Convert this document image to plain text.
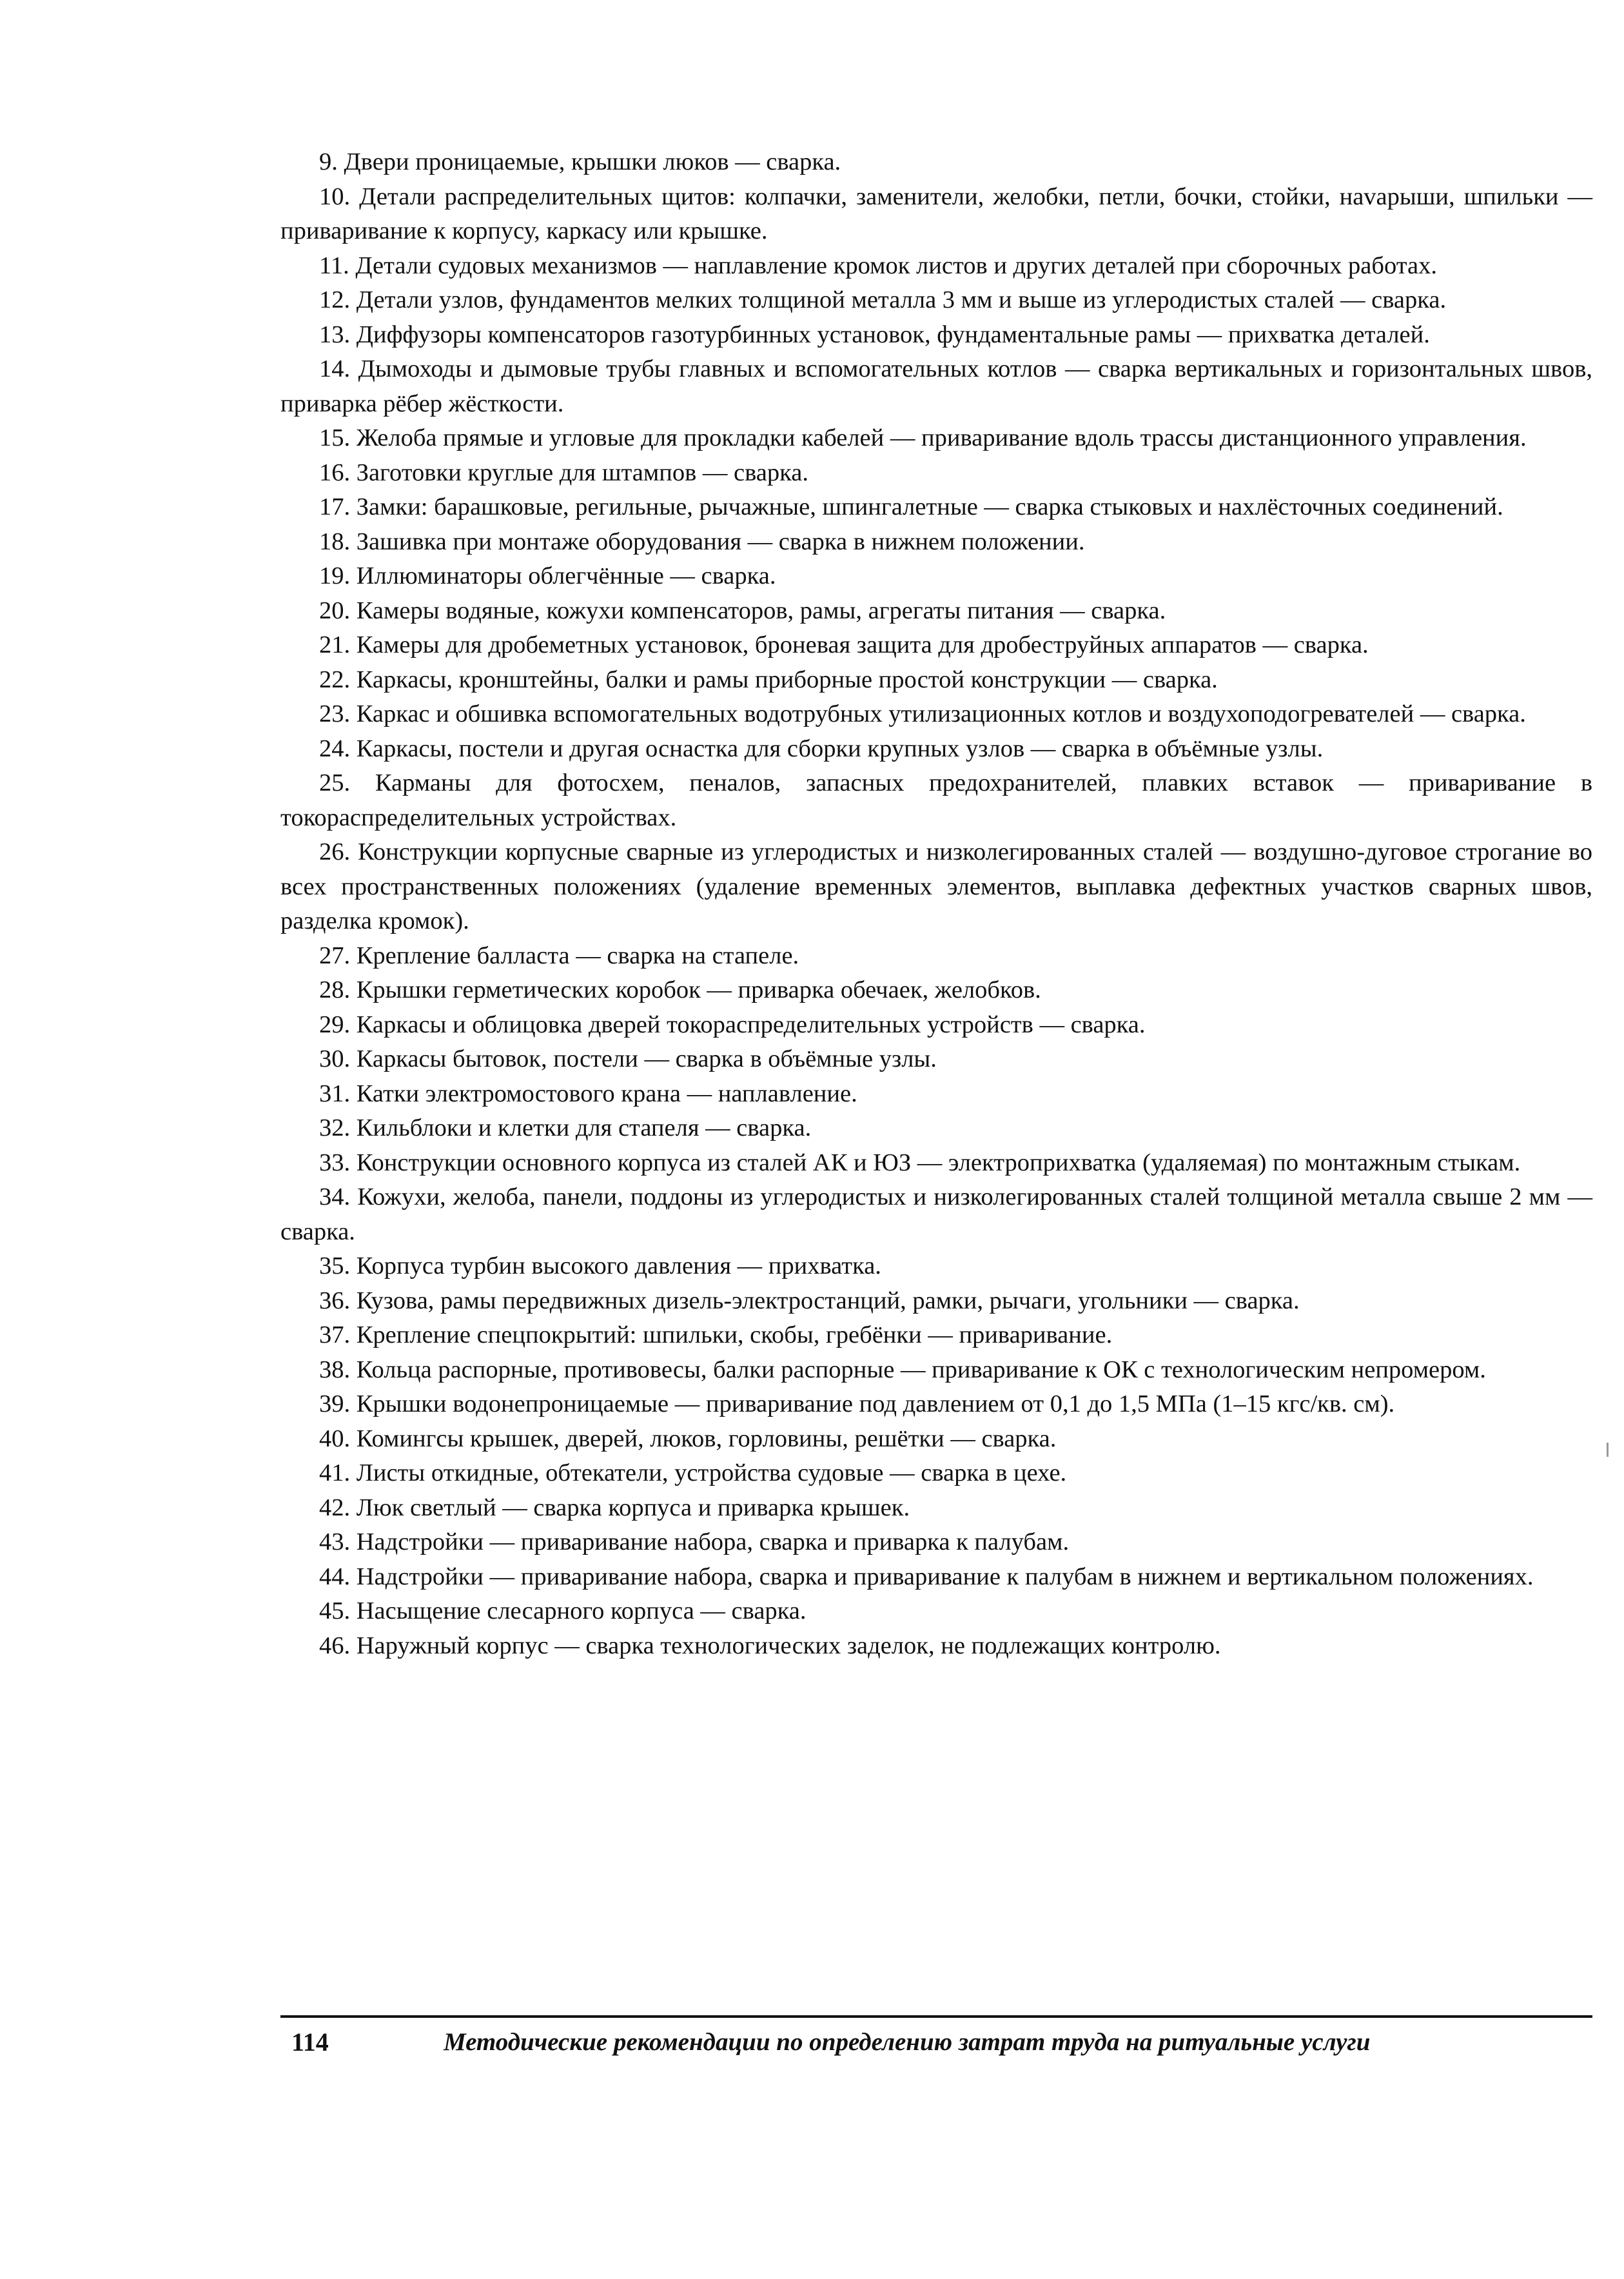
9. Двери проницаемые, крышки люков — сварка.

10. Детали распределительных щитов: колпачки, заменители, желобки, петли, бочки, стойки, наvарыши, шпильки — приваривание к корпусу, каркасу или крышке.

11. Детали судовых механизмов — наплавление кромок листов и других деталей при сборочных работах.

12. Детали узлов, фундаментов мелких толщиной металла 3 мм и выше из углеродистых сталей — сварка.

13. Диффузоры компенсаторов газотурбинных установок, фундаментальные рамы — прихватка деталей.

14. Дымоходы и дымовые трубы главных и вспомогательных котлов — сварка вертикальных и горизонтальных швов, приварка рёбер жёсткости.

15. Желоба прямые и угловые для прокладки кабелей — приваривание вдоль трассы дистанционного управления.

16. Заготовки круглые для штампов — сварка.

17. Замки: барашковые, регильные, рычажные, шпингалетные — сварка стыковых и нахлёсточных соединений.

18. Зашивка при монтаже оборудования — сварка в нижнем положении.

19. Иллюминаторы облегчённые — сварка.

20. Камеры водяные, кожухи компенсаторов, рамы, агрегаты питания — сварка.

21. Камеры для дробеметных установок, броневая защита для дробеструйных аппаратов — сварка.

22. Каркасы, кронштейны, балки и рамы приборные простой конструкции — сварка.

23. Каркас и обшивка вспомогательных водотрубных утилизационных котлов и воздухоподогревателей — сварка.

24. Каркасы, постели и другая оснастка для сборки крупных узлов — сварка в объёмные узлы.

25. Карманы для фотосхем, пеналов, запасных предохранителей, плавких вставок — приваривание в токораспределительных устройствах.

26. Конструкции корпусные сварные из углеродистых и низколегированных сталей — воздушно-дуговое строгание во всех пространственных положениях (удаление временных элементов, выплавка дефектных участков сварных швов, разделка кромок).

27. Крепление балласта — сварка на стапеле.

28. Крышки герметических коробок — приварка обечаек, желобков.

29. Каркасы и облицовка дверей токораспределительных устройств — сварка.

30. Каркасы бытовок, постели — сварка в объёмные узлы.

31. Катки электромостового крана — наплавление.

32. Кильблоки и клетки для стапеля — сварка.

33. Конструкции основного корпуса из сталей АК и ЮЗ — электроприхватка (удаляемая) по монтажным стыкам.

34. Кожухи, желоба, панели, поддоны из углеродистых и низколегированных сталей толщиной металла свыше 2 мм — сварка.

35. Корпуса турбин высокого давления — прихватка.

36. Кузова, рамы передвижных дизель-электростанций, рамки, рычаги, угольники — сварка.

37. Крепление спецпокрытий: шпильки, скобы, гребёнки — приваривание.

38. Кольца распорные, противовесы, балки распорные — приваривание к ОК с технологическим непромером.

39. Крышки водонепроницаемые — приваривание под давлением от 0,1 до 1,5 МПа (1–15 кгс/кв. см).

40. Комингсы крышек, дверей, люков, горловины, решётки — сварка.

41. Листы откидные, обтекатели, устройства судовые — сварка в цехе.

42. Люк светлый — сварка корпуса и приварка крышек.

43. Надстройки — приваривание набора, сварка и приварка к палубам.

44. Надстройки — приваривание набора, сварка и приваривание к палубам в нижнем и вертикальном положениях.

45. Насыщение слесарного корпуса — сварка.

46. Наружный корпус — сварка технологических заделок, не подлежащих контролю.

114	Методические рекомендации по определению затрат труда на ритуальные услуги
